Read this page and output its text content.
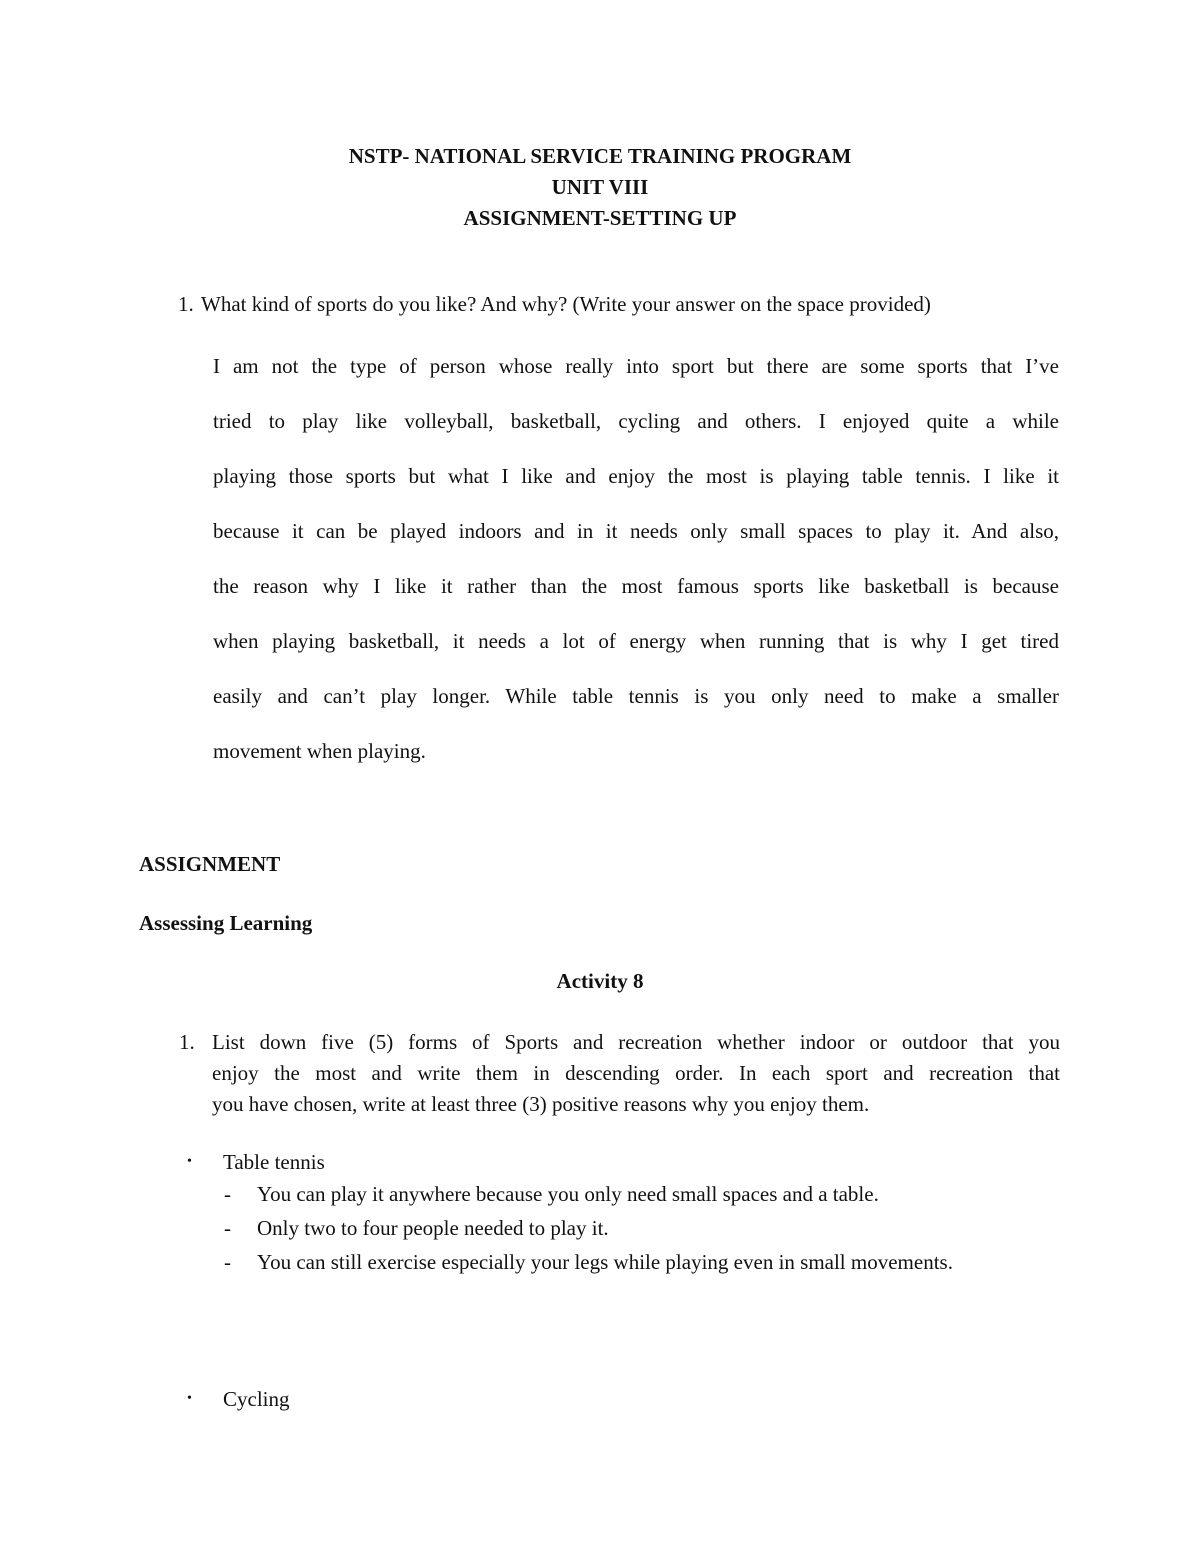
NSTP- NATIONAL SERVICE TRAINING PROGRAM
UNIT VIII
ASSIGNMENT-SETTING UP
1. What kind of sports do you like? And why? (Write your answer on the space provided)
I am not the type of person whose really into sport but there are some sports that I’ve
tried to play like volleyball, basketball, cycling and others. I enjoyed quite a while
playing those sports but what I like and enjoy the most is playing table tennis. I like it
because it can be played indoors and in it needs only small spaces to play it. And also,
the reason why I like it rather than the most famous sports like basketball is because
when playing basketball, it needs a lot of energy when running that is why I get tired
easily and can’t play longer. While table tennis is you only need to make a smaller
movement when playing.
ASSIGNMENT
Assessing Learning
Activity 8
1. List down five (5) forms of Sports and recreation whether indoor or outdoor that you
enjoy the most and write them in descending order. In each sport and recreation that
you have chosen, write at least three (3) positive reasons why you enjoy them.
• Table tennis
- You can play it anywhere because you only need small spaces and a table.
- Only two to four people needed to play it.
- You can still exercise especially your legs while playing even in small movements.
• Cycling
